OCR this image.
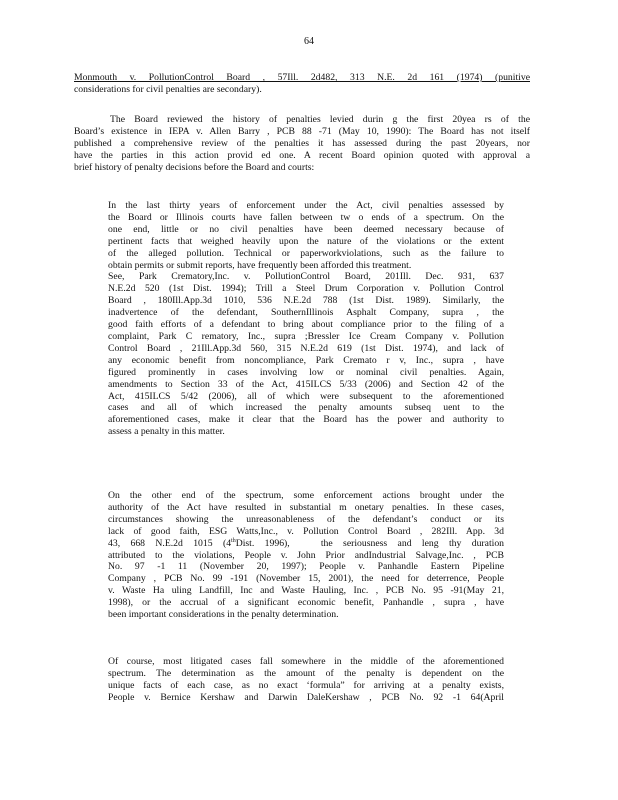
64
Monmouth v. PollutionControl Board , 57Ill. 2d482, 313 N.E. 2d 161 (1974) (punitive
considerations for civil penalties are secondary).
The Board reviewed the history of penalties levied durin g the first 20yea rs of the
Board’s existence in IEPA v. Allen Barry , PCB 88 -71 (May 10, 1990): The Board has not itself
published a comprehensive review of the penalties it has assessed during the past 20years, nor
have the parties in this action provid ed one. A recent Board opinion quoted with approval a
brief history of penalty decisions before the Board and courts:
In the last thirty years of enforcement under the Act, civil penalties assessed by
the Board or Illinois courts have fallen between tw o ends of a spectrum. On the
one end, little or no civil penalties have been deemed necessary because of
pertinent facts that weighed heavily upon the nature of the violations or the extent
of the alleged pollution. Technical or paperworkviolations, such as the failure to
obtain permits or submit reports, have frequently been afforded this treatment.
See, Park Crematory,Inc. v. PollutionControl Board, 201Ill. Dec. 931, 637
N.E.2d 520 (1st Dist. 1994); Trill a Steel Drum Corporation v. Pollution Control
Board , 180Ill.App.3d 1010, 536 N.E.2d 788 (1st Dist. 1989). Similarly, the
inadvertence of the defendant, SouthernIllinois Asphalt Company, supra , the
good faith efforts of a defendant to bring about compliance prior to the filing of a
complaint, Park C rematory, Inc., supra ;Bressler Ice Cream Company v. Pollution
Control Board , 21Ill.App.3d 560, 315 N.E.2d 619 (1st Dist. 1974), and lack of
any economic benefit from noncompliance, Park Cremato r v, Inc., supra , have
figured prominently in cases involving low or nominal civil penalties. Again,
amendments to Section 33 of the Act, 415ILCS 5/33 (2006) and Section 42 of the
Act, 415ILCS 5/42 (2006), all of which were subsequent to the aforementioned
cases and all of which increased the penalty amounts subseq uent to the
aforementioned cases, make it clear that the Board has the power and authority to
assess a penalty in this matter.
On the other end of the spectrum, some enforcement actions brought under the
authority of the Act have resulted in substantial m onetary penalties. In these cases,
circumstances showing the unreasonableness of the defendant’s conduct or its
lack of good faith, ESG Watts,Inc., v. Pollution Control Board , 282Ill. App. 3d
43, 668 N.E.2d 1015 (4thDist. 1996),	the seriousness and leng thy duration
attributed to the violations, People v. John Prior andIndustrial Salvage,Inc. , PCB
No. 97 -1 11 (November 20, 1997); People v. Panhandle Eastern Pipeline
Company , PCB No. 99 -191 (November 15, 2001), the need for deterrence, People
v. Waste Ha uling Landfill, Inc and Waste Hauling, Inc. , PCB No. 95 -91(May 21,
1998), or the accrual of a significant economic benefit, Panhandle , supra , have
been important considerations in the penalty determination.
Of course, most litigated cases fall somewhere in the middle of the aforementioned
spectrum. The determination as the amount of the penalty is dependent on the
unique facts of each case, as no exact ‘formula” for arriving at a penalty exists,
People v. Bernice Kershaw and Darwin DaleKershaw , PCB No. 92 -1 64(April
